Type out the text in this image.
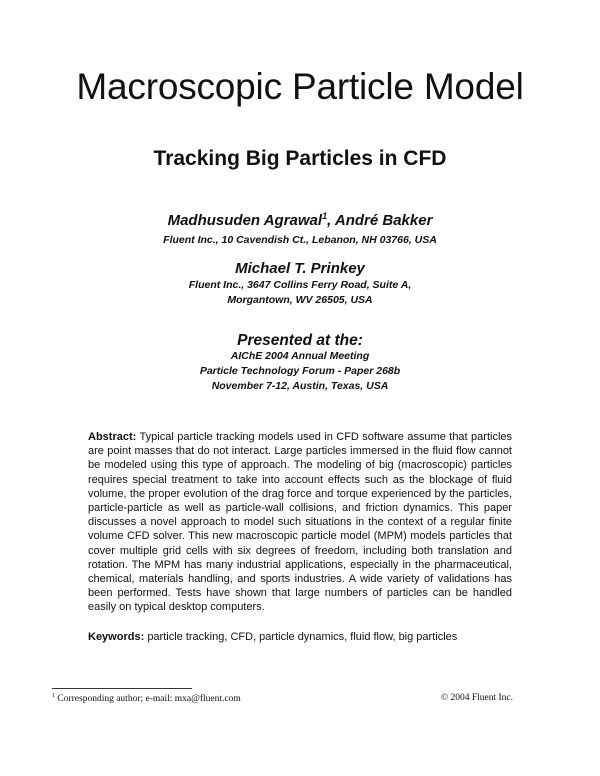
Macroscopic Particle Model
Tracking Big Particles in CFD

Madhusuden Agrawal$^1$, André Bakker

Fluent Inc., 10 Cavendish Ct., Lebanon, NH 03766, USA

Michael T. Prinkey

Fluent Inc., 3647 Collins Ferry Road, Suite A,
Morgantown, WV 26505, USA

Presented at the:

AIChE 2004 Annual Meeting
Particle Technology Forum - Paper 268b
November 7-12, Austin, Texas, USA

Abstract: Typical particle tracking models used in CFD software assume that particles are point masses that do not interact. Large particles immersed in the fluid flow cannot be modeled using this type of approach. The modeling of big (macroscopic) particles requires special treatment to take into account effects such as the blockage of fluid volume, the proper evolution of the drag force and torque experienced by the particles, particle-particle as well as particle-wall collisions, and friction dynamics. This paper discusses a novel approach to model such situations in the context of a regular finite volume CFD solver. This new macroscopic particle model (MPM) models particles that cover multiple grid cells with six degrees of freedom, including both translation and rotation. The MPM has many industrial applications, especially in the pharmaceutical, chemical, materials handling, and sports industries. A wide variety of validations has been performed. Tests have shown that large numbers of particles can be handled easily on typical desktop computers.

Keywords: particle tracking, CFD, particle dynamics, fluid flow, big particles

$^1$ Corresponding author; e-mail: mxa@fluent.com	© 2004 Fluent Inc.
